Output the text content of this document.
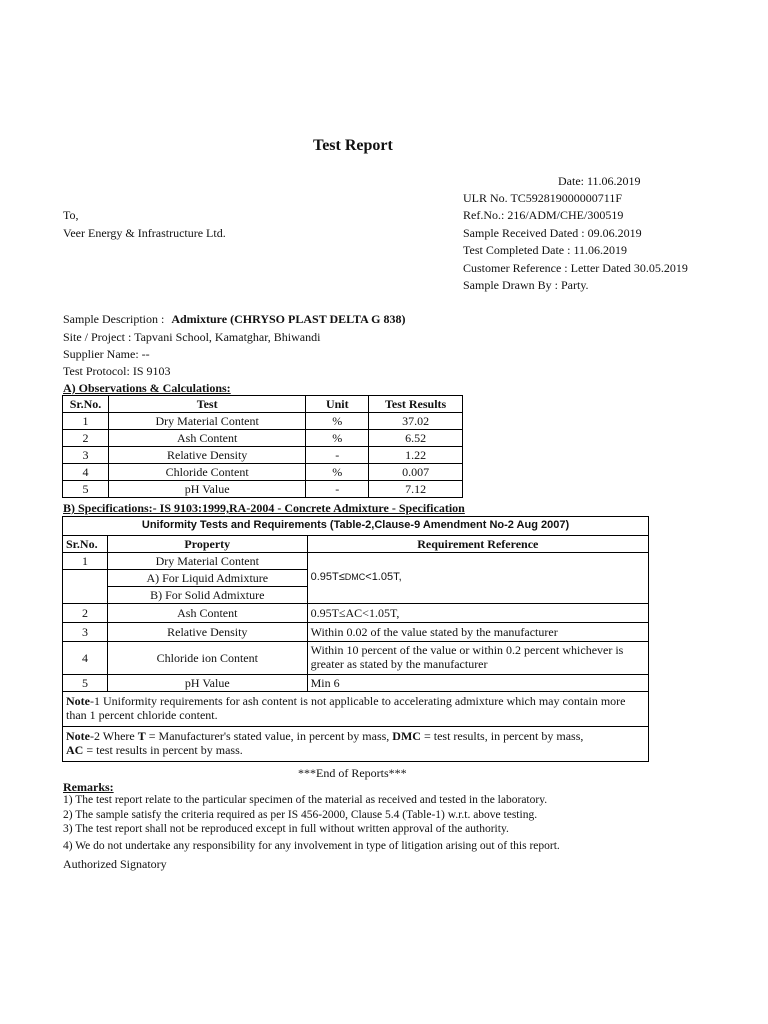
Test Report
Date: 11.06.2019
ULR No. TC592819000000711F
Ref.No.: 216/ADM/CHE/300519
Sample Received Dated : 09.06.2019
Test Completed Date : 11.06.2019
Customer Reference : Letter Dated 30.05.2019
Sample Drawn By : Party.
To,
Veer Energy & Infrastructure Ltd.
Sample Description : Admixture (CHRYSO PLAST DELTA G 838)
Site / Project : Tapvani School, Kamatghar, Bhiwandi
Supplier Name: --
Test Protocol: IS 9103
A) Observations & Calculations:
Sr.No.	Test	Unit	Test Results
1	Dry Material Content	%	37.02
2	Ash Content	%	6.52
3	Relative Density	-	1.22
4	Chloride Content	%	0.007
5	pH Value	-	7.12
B) Specifications:- IS 9103:1999,RA-2004 - Concrete Admixture - Specification
Uniformity Tests and Requirements (Table-2,Clause-9 Amendment No-2 Aug 2007)		
Sr.No.	Property	Requirement Reference
1	Dry Material Content	0.95T≤DMC<1.05T,
	A) For Liquid Admixture	
	B) For Solid Admixture	
2	Ash Content	0.95T≤AC<1.05T,
3	Relative Density	Within 0.02 of the value stated by the manufacturer
4	Chloride ion Content	Within 10 percent of the value or within 0.2 percent whichever is greater as stated by the manufacturer
5	pH Value	Min 6
Note-1 Uniformity requirements for ash content is not applicable to accelerating admixture which may contain more than 1 percent chloride content.		
Note-2 Where T = Manufacturer's stated value, in percent by mass, DMC = test results, in percent by mass,
AC = test results in percent by mass.		
***End of Reports***
Remarks:
1) The test report relate to the particular specimen of the material as received and tested in the laboratory.
2) The sample satisfy the criteria required as per IS 456-2000, Clause 5.4 (Table-1) w.r.t. above testing.
3) The test report shall not be reproduced except in full without written approval of the authority.
4) We do not undertake any responsibility for any involvement in type of litigation arising out of this report.
Authorized Signatory
